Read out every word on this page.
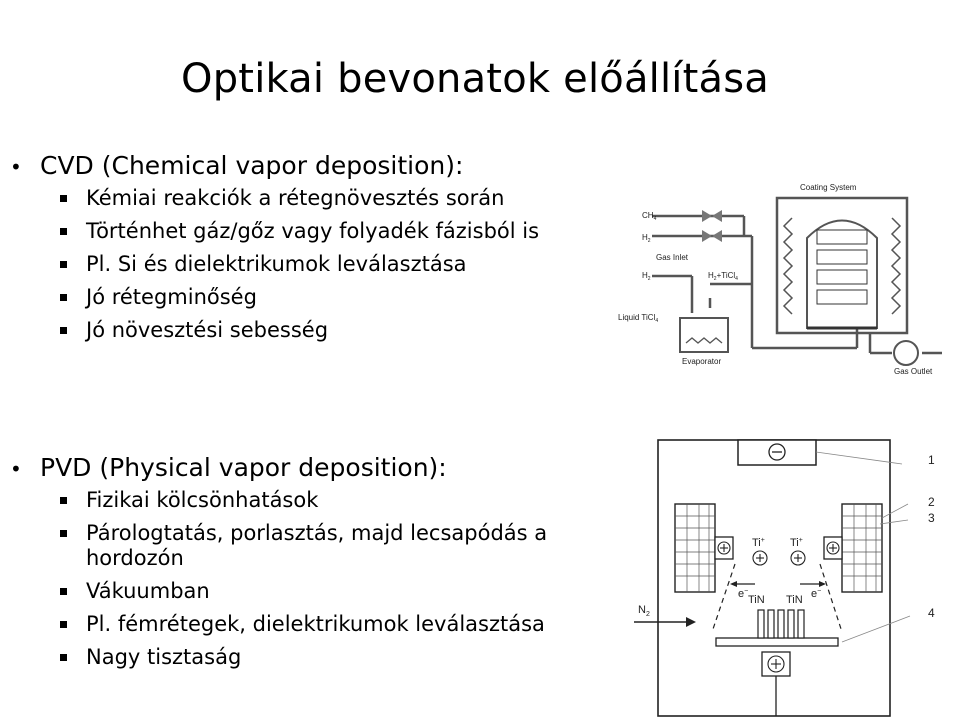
Optikai bevonatok előállítása
• CVD (Chemical vapor deposition):
Kémiai reakciók a rétegnövesztés során
Történhet gáz/gőz vagy folyadék fázisból is
Pl. Si és dielektrikumok leválasztása
Jó rétegminőség
Jó növesztési sebesség
• PVD (Physical vapor deposition):
Fizikai kölcsönhatások
Párologtatás, porlasztás, majd lecsapódás a hordozón
Vákuumban
Pl. fémrétegek, dielektrikumok leválasztása
Nagy tisztaság
Coating System
$CH_4$
$H_2$
Gas Inlet
$H_2$	$H_2+TiCl_4$
Liquid TiCl$_4$
Evaporator
Gas Outlet
1
2
3
4
Ti+ Ti+
TiN TiN
e−	e−
$N_2$
